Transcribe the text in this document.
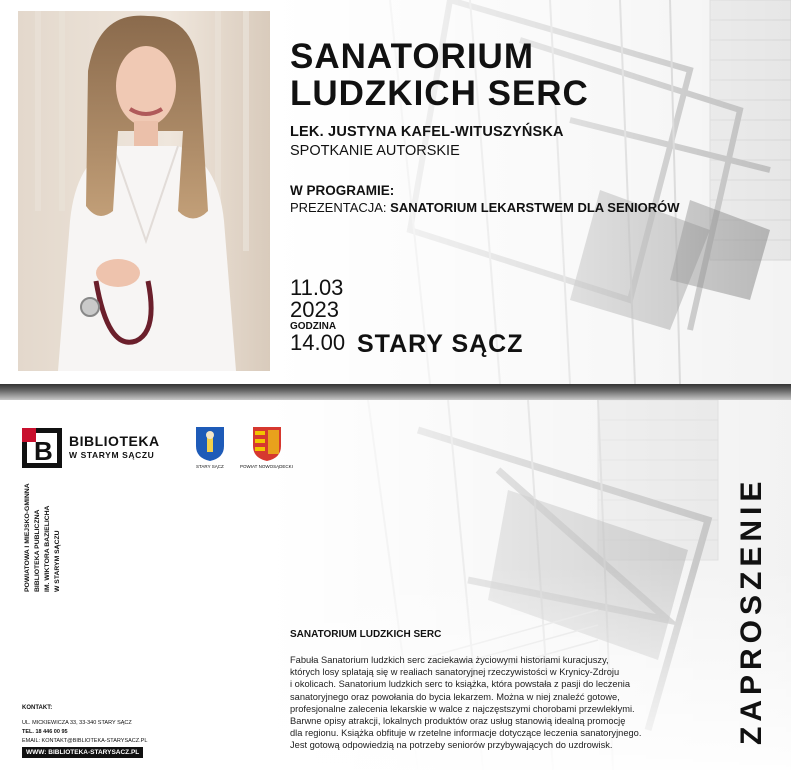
SANATORIUM
LUDZKICH SERC
LEK. JUSTYNA KAFEL-WITUSZYŃSKA
SPOTKANIE AUTORSKIE
W PROGRAMIE:
PREZENTACJA: SANATORIUM LEKARSTWEM DLA SENIORÓW
11.03
2023
GODZINA
14.00 STARY SĄCZ
B BIBLIOTEKA
W STARYM SĄCZU
STARY SĄCZ	POWIAT NOWOSĄDECKI
POWIATOWA I MIEJSKO-GMINNA BIBLIOTEKA PUBLICZNA IM. WIKTORA BAZIELICHA W STARYM SĄCZU
KONTAKT:
UL. MICKIEWICZA 33, 33-340 STARY SĄCZ
TEL. 18 446 00 95
EMAIL: KONTAKT@BIBLIOTEKA-STARYSACZ.PL
WWW: BIBLIOTEKA-STARYSACZ.PL
SANATORIUM LUDZKICH SERC
Fabuła Sanatorium ludzkich serc zaciekawia życiowymi historiami kuracjuszy,
których losy splatają się w realiach sanatoryjnej rzeczywistości w Krynicy-Zdroju
i okolicach. Sanatorium ludzkich serc to książka, która powstała z pasji do leczenia
sanatoryjnego oraz powołania do bycia lekarzem. Można w niej znaleźć gotowe,
profesjonalne zalecenia lekarskie w walce z najczęstszymi chorobami przewlekłymi.
Barwne opisy atrakcji, lokalnych produktów oraz usług stanowią idealną promocję
dla regionu. Książka obfituje w rzetelne informacje dotyczące leczenia sanatoryjnego.
Jest gotową odpowiedzią na potrzeby seniorów przybywających do uzdrowisk.
ZAPROSZENIE
